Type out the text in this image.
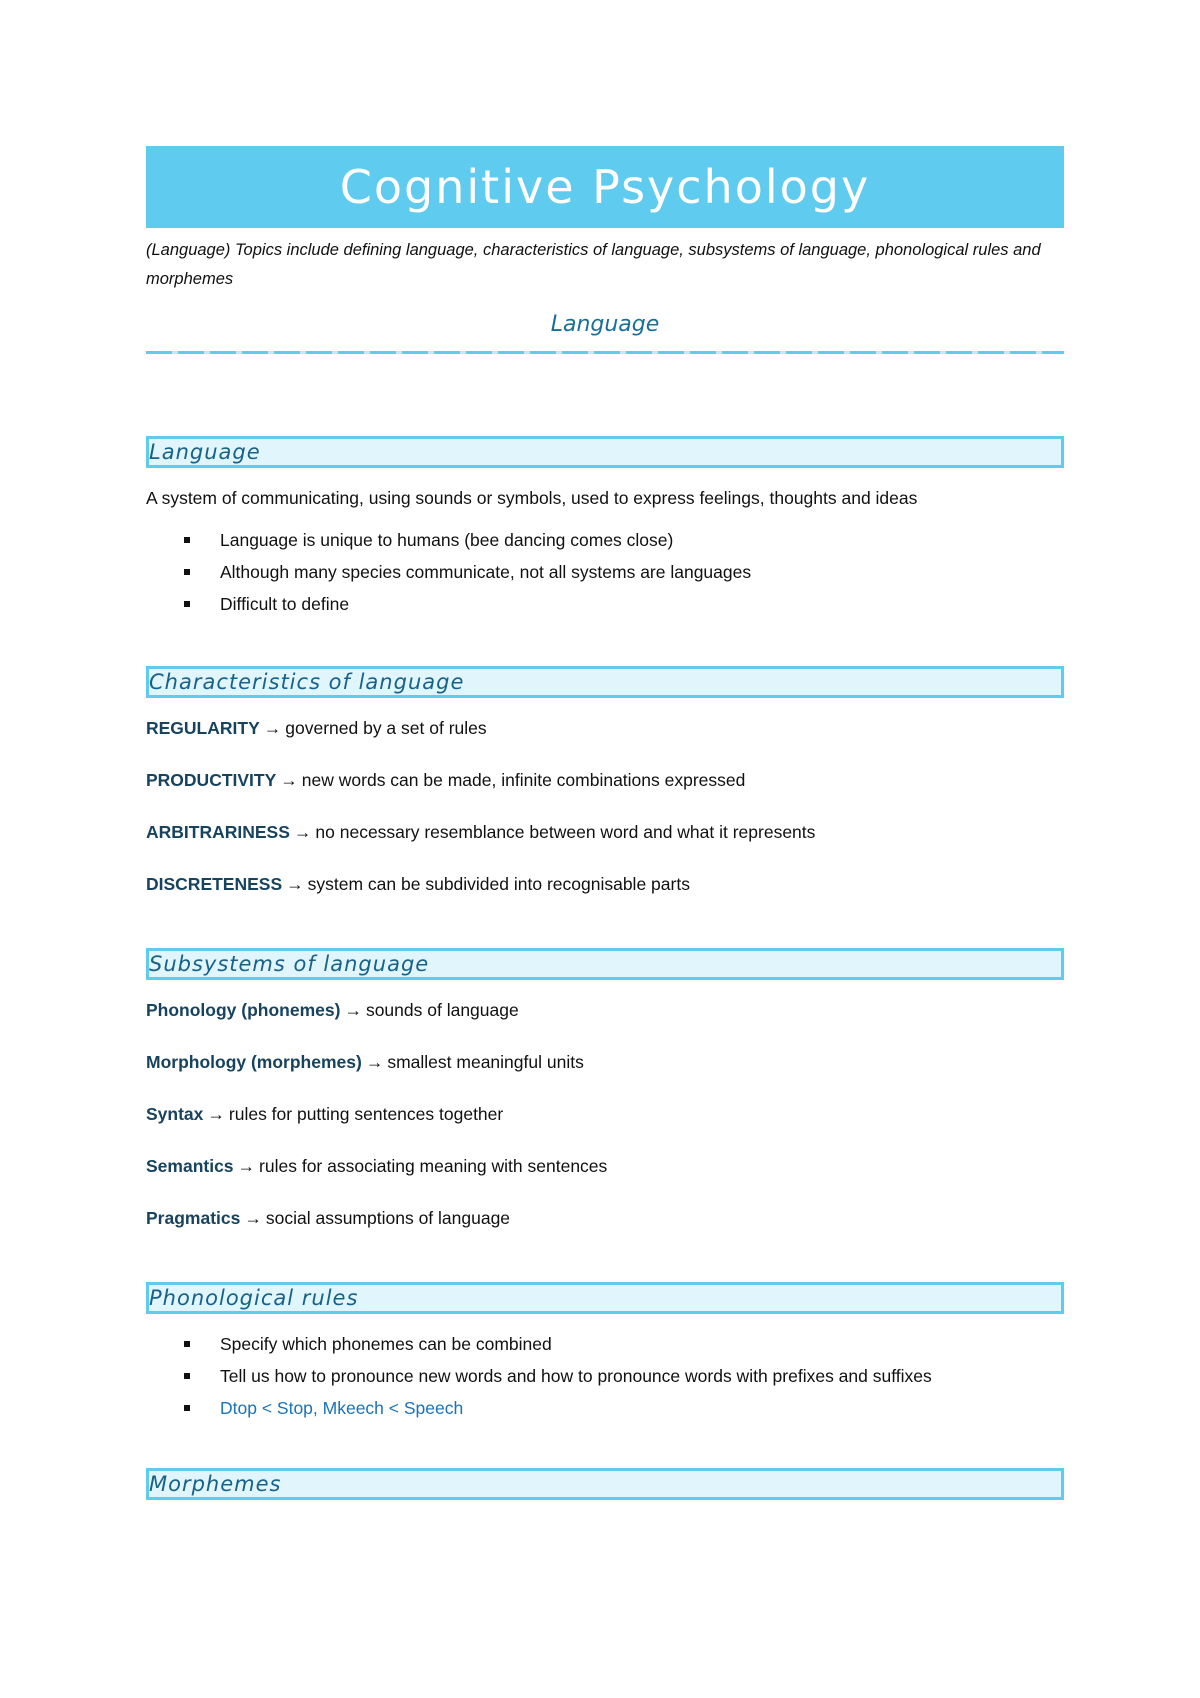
Cognitive Psychology
(Language) Topics include defining language, characteristics of language, subsystems of language, phonological rules and morphemes
Language
Language
A system of communicating, using sounds or symbols, used to express feelings, thoughts and ideas
Language is unique to humans (bee dancing comes close)
Although many species communicate, not all systems are languages
Difficult to define
Characteristics of language
REGULARITY → governed by a set of rules
PRODUCTIVITY → new words can be made, infinite combinations expressed
ARBITRARINESS → no necessary resemblance between word and what it represents
DISCRETENESS → system can be subdivided into recognisable parts
Subsystems of language
Phonology (phonemes) → sounds of language
Morphology (morphemes) → smallest meaningful units
Syntax → rules for putting sentences together
Semantics → rules for associating meaning with sentences
Pragmatics → social assumptions of language
Phonological rules
Specify which phonemes can be combined
Tell us how to pronounce new words and how to pronounce words with prefixes and suffixes
Dtop < Stop, Mkeech < Speech
Morphemes
